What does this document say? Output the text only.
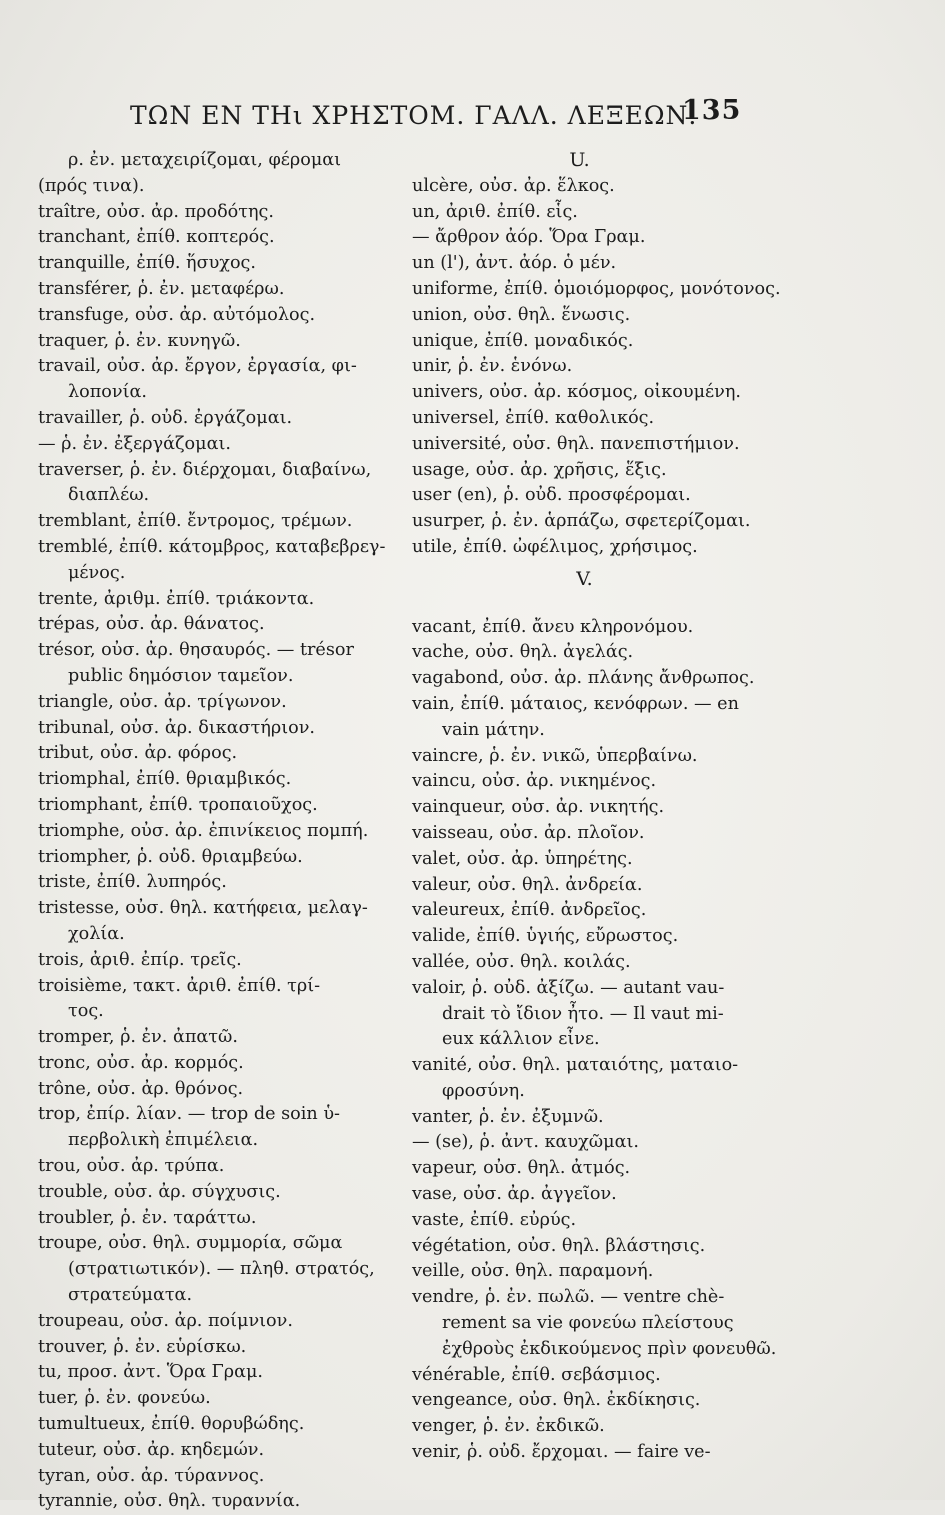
ΤΩΝ ΕΝ ΤΗι ΧΡΗΣΤΟΜ. ΓΑΛΛ. ΛΕΞΕΩΝ.
135
ρ. ἐν. μεταχειρίζομαι, φέρομαι
(πρός τινα).
traître, οὐσ. ἀρ. προδότης.
tranchant, ἐπίθ. κοπτερός.
tranquille, ἐπίθ. ἥσυχος.
transférer, ῥ. ἐν. μεταφέρω.
transfuge, οὐσ. ἀρ. αὐτόμολος.
traquer, ῥ. ἐν. κυνηγῶ.
travail, οὐσ. ἀρ. ἔργον, ἐργασία, φι-
λοπονία.
travailler, ῥ. οὐδ. ἐργάζομαι.
— ῥ. ἐν. ἐξεργάζομαι.
traverser, ῥ. ἐν. διέρχομαι, διαβαίνω,
διαπλέω.
tremblant, ἐπίθ. ἔντρομος, τρέμων.
tremblé, ἐπίθ. κάτομβρος, καταβεβρεγ-
μένος.
trente, ἀριθμ. ἐπίθ. τριάκοντα.
trépas, οὐσ. ἀρ. θάνατος.
trésor, οὐσ. ἀρ. θησαυρός. — trésor
public δημόσιον ταμεῖον.
triangle, οὐσ. ἀρ. τρίγωνον.
tribunal, οὐσ. ἀρ. δικαστήριον.
tribut, οὐσ. ἀρ. φόρος.
triomphal, ἐπίθ. θριαμβικός.
triomphant, ἐπίθ. τροπαιοῦχος.
triomphe, οὐσ. ἀρ. ἐπινίκειος πομπή.
triompher, ῥ. οὐδ. θριαμβεύω.
triste, ἐπίθ. λυπηρός.
tristesse, οὐσ. θηλ. κατήφεια, μελαγ-
χολία.
trois, ἀριθ. ἐπίρ. τρεῖς.
troisième, τακτ. ἀριθ. ἐπίθ. τρί-
τος.
tromper, ῥ. ἐν. ἀπατῶ.
tronc, οὐσ. ἀρ. κορμός.
trône, οὐσ. ἀρ. θρόνος.
trop, ἐπίρ. λίαν. — trop de soin ὑ-
περβολικὴ ἐπιμέλεια.
trou, οὐσ. ἀρ. τρύπα.
trouble, οὐσ. ἀρ. σύγχυσις.
troubler, ῥ. ἐν. ταράττω.
troupe, οὐσ. θηλ. συμμορία, σῶμα
(στρατιωτικόν). — πληθ. στρατός,
στρατεύματα.
troupeau, οὐσ. ἀρ. ποίμνιον.
trouver, ῥ. ἐν. εὑρίσκω.
tu, προσ. ἀντ. Ὅρα Γραμ.
tuer, ῥ. ἐν. φονεύω.
tumultueux, ἐπίθ. θορυβώδης.
tuteur, οὐσ. ἀρ. κηδεμών.
tyran, οὐσ. ἀρ. τύραννος.
tyrannie, οὐσ. θηλ. τυραννία.
U.
ulcère, οὐσ. ἀρ. ἕλκος.
un, ἀριθ. ἐπίθ. εἷς.
— ἄρθρον ἀόρ. Ὅρα Γραμ.
un (l'), ἀντ. ἀόρ. ὁ μέν.
uniforme, ἐπίθ. ὁμοιόμορφος, μονότονος.
union, οὐσ. θηλ. ἕνωσις.
unique, ἐπίθ. μοναδικός.
unir, ῥ. ἐν. ἑνόνω.
univers, οὐσ. ἀρ. κόσμος, οἰκουμένη.
universel, ἐπίθ. καθολικός.
université, οὐσ. θηλ. πανεπιστήμιον.
usage, οὐσ. ἀρ. χρῆσις, ἕξις.
user (en), ῥ. οὐδ. προσφέρομαι.
usurper, ῥ. ἐν. ἁρπάζω, σφετερίζομαι.
utile, ἐπίθ. ὠφέλιμος, χρήσιμος.
V.
vacant, ἐπίθ. ἄνευ κληρονόμου.
vache, οὐσ. θηλ. ἀγελάς.
vagabond, οὐσ. ἀρ. πλάνης ἄνθρωπος.
vain, ἐπίθ. μάταιος, κενόφρων. — en
vain μάτην.
vaincre, ῥ. ἐν. νικῶ, ὑπερβαίνω.
vaincu, οὐσ. ἀρ. νικημένος.
vainqueur, οὐσ. ἀρ. νικητής.
vaisseau, οὐσ. ἀρ. πλοῖον.
valet, οὐσ. ἀρ. ὑπηρέτης.
valeur, οὐσ. θηλ. ἀνδρεία.
valeureux, ἐπίθ. ἀνδρεῖος.
valide, ἐπίθ. ὑγιής, εὔρωστος.
vallée, οὐσ. θηλ. κοιλάς.
valoir, ῥ. οὐδ. ἀξίζω. — autant vau-
drait τὸ ἴδιον ἦτο. — Il vaut mi-
eux κάλλιον εἶνε.
vanité, οὐσ. θηλ. ματαιότης, ματαιο-
φροσύνη.
vanter, ῥ. ἐν. ἐξυμνῶ.
— (se), ῥ. ἀντ. καυχῶμαι.
vapeur, οὐσ. θηλ. ἀτμός.
vase, οὐσ. ἀρ. ἀγγεῖον.
vaste, ἐπίθ. εὐρύς.
végétation, οὐσ. θηλ. βλάστησις.
veille, οὐσ. θηλ. παραμονή.
vendre, ῥ. ἐν. πωλῶ. — ventre chè-
rement sa vie φονεύω πλείστους
ἐχθροὺς ἐκδικούμενος πρὶν φονευθῶ.
vénérable, ἐπίθ. σεβάσμιος.
vengeance, οὐσ. θηλ. ἐκδίκησις.
venger, ῥ. ἐν. ἐκδικῶ.
venir, ῥ. οὐδ. ἔρχομαι. — faire ve-
